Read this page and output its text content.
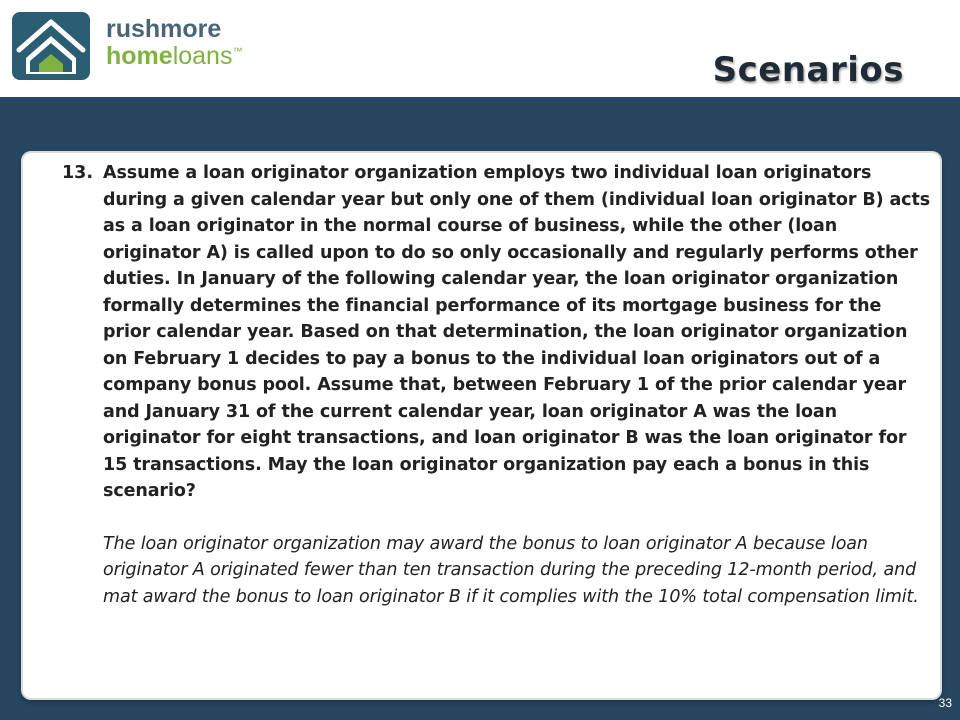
rushmore
homeloans™	Scenarios
13. Assume a loan originator organization employs two individual loan originators during a given calendar year but only one of them (individual loan originator B) acts as a loan originator in the normal course of business, while the other (loan originator A) is called upon to do so only occasionally and regularly performs other duties. In January of the following calendar year, the loan originator organization formally determines the financial performance of its mortgage business for the prior calendar year. Based on that determination, the loan originator organization on February 1 decides to pay a bonus to the individual loan originators out of a company bonus pool. Assume that, between February 1 of the prior calendar year and January 31 of the current calendar year, loan originator A was the loan originator for eight transactions, and loan originator B was the loan originator for 15 transactions. May the loan originator organization pay each a bonus in this scenario?

The loan originator organization may award the bonus to loan originator A because loan originator A originated fewer than ten transaction during the preceding 12-month period, and mat award the bonus to loan originator B if it complies with the 10% total compensation limit.

33
